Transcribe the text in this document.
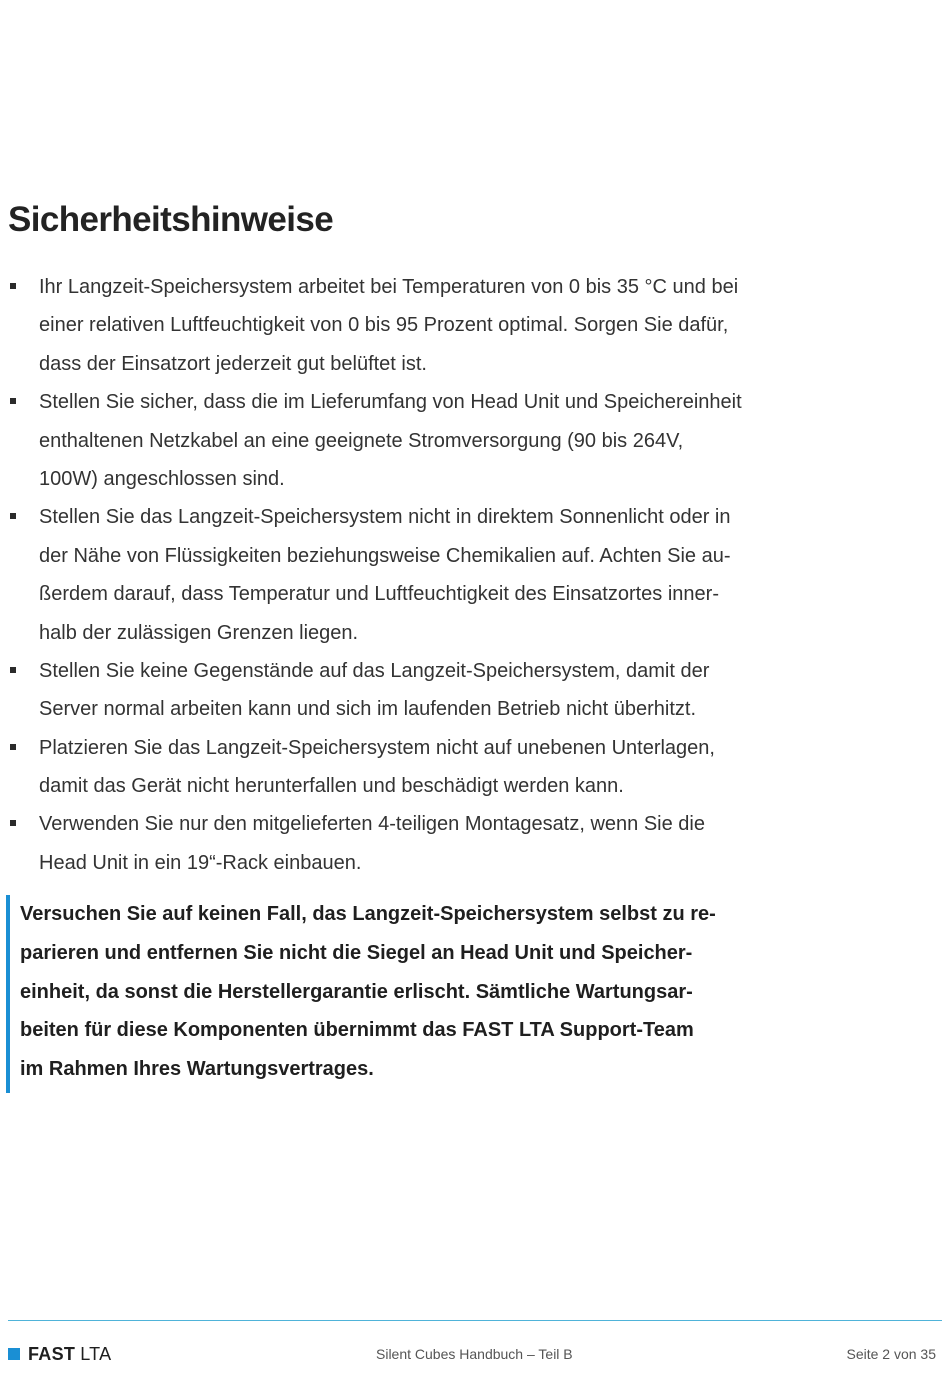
Sicherheitshinweise
Ihr Langzeit-Speichersystem arbeitet bei Temperaturen von 0 bis 35 °C und bei
einer relativen Luftfeuchtigkeit von 0 bis 95 Prozent optimal. Sorgen Sie dafür,
dass der Einsatzort jederzeit gut belüftet ist.
Stellen Sie sicher, dass die im Lieferumfang von Head Unit und Speichereinheit
enthaltenen Netzkabel an eine geeignete Stromversorgung (90 bis 264V,
100W) angeschlossen sind.
Stellen Sie das Langzeit-Speichersystem nicht in direktem Sonnenlicht oder in
der Nähe von Flüssigkeiten beziehungsweise Chemikalien auf. Achten Sie au-
ßerdem darauf, dass Temperatur und Luftfeuchtigkeit des Einsatzortes inner-
halb der zulässigen Grenzen liegen.
Stellen Sie keine Gegenstände auf das Langzeit-Speichersystem, damit der
Server normal arbeiten kann und sich im laufenden Betrieb nicht überhitzt.
Platzieren Sie das Langzeit-Speichersystem nicht auf unebenen Unterlagen,
damit das Gerät nicht herunterfallen und beschädigt werden kann.
Verwenden Sie nur den mitgelieferten 4-teiligen Montagesatz, wenn Sie die
Head Unit in ein 19“-Rack einbauen.
Versuchen Sie auf keinen Fall, das Langzeit-Speichersystem selbst zu re-
parieren und entfernen Sie nicht die Siegel an Head Unit und Speicher-
einheit, da sonst die Herstellergarantie erlischt. Sämtliche Wartungsar-
beiten für diese Komponenten übernimmt das FAST LTA Support-Team
im Rahmen Ihres Wartungsvertrages.
FAST LTA	Silent Cubes Handbuch – Teil B	Seite 2 von 35
